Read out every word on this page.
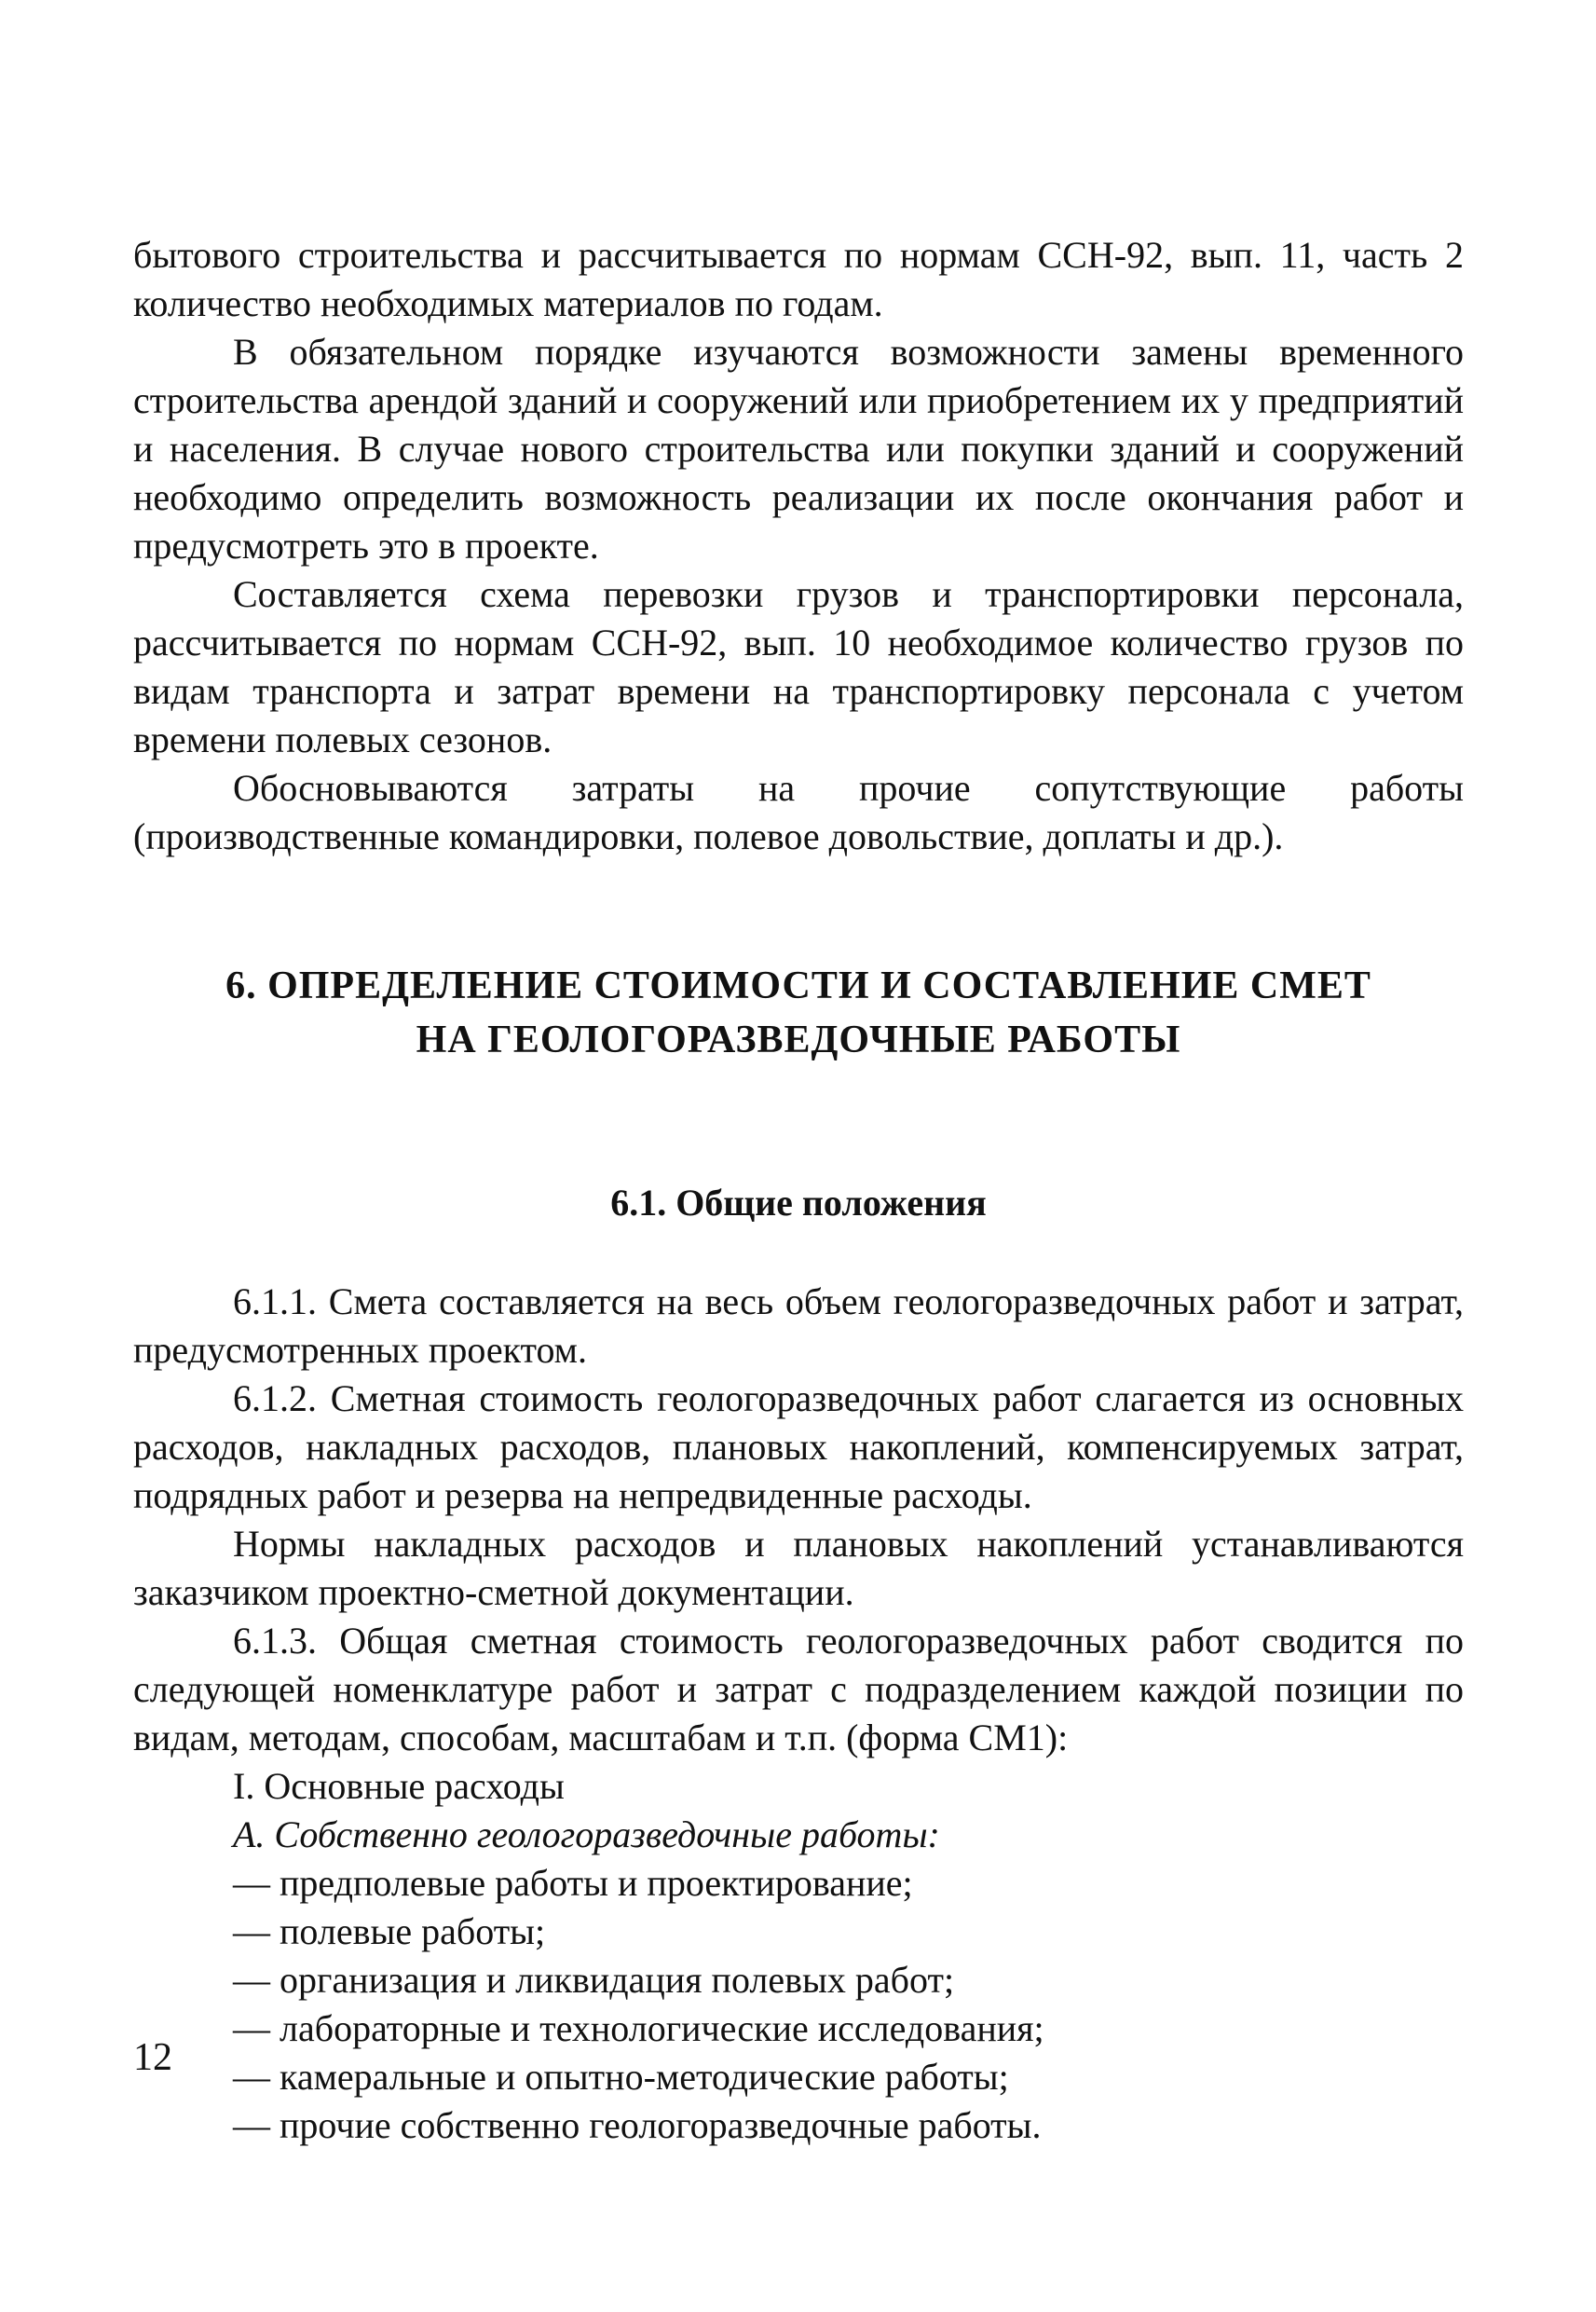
бытового строительства и рассчитывается по нормам ССН-92, вып. 11, часть 2 количество необходимых материалов по годам.

В обязательном порядке изучаются возможности замены временного строительства арендой зданий и сооружений или приобретением их у предприятий и населения. В случае нового строительства или покупки зданий и сооружений необходимо определить возможность реализации их после окончания работ и предусмотреть это в проекте.

Составляется схема перевозки грузов и транспортировки персонала, рассчитывается по нормам ССН-92, вып. 10 необходимое количество грузов по видам транспорта и затрат времени на транспортировку персонала с учетом времени полевых сезонов.

Обосновываются затраты на прочие сопутствующие работы (производственные командировки, полевое довольствие, доплаты и др.).

6. ОПРЕДЕЛЕНИЕ СТОИМОСТИ И СОСТАВЛЕНИЕ СМЕТ
НА ГЕОЛОГОРАЗВЕДОЧНЫЕ РАБОТЫ
6.1. Общие положения

6.1.1. Смета составляется на весь объем геологоразведочных работ и затрат, предусмотренных проектом.

6.1.2. Сметная стоимость геологоразведочных работ слагается из основных расходов, накладных расходов, плановых накоплений, компенсируемых затрат, подрядных работ и резерва на непредвиденные расходы.

Нормы накладных расходов и плановых накоплений устанавливаются заказчиком проектно-сметной документации.

6.1.3. Общая сметная стоимость геологоразведочных работ сводится по следующей номенклатуре работ и затрат с подразделением каждой позиции по видам, методам, способам, масштабам и т.п. (форма СМ1):

I. Основные расходы

А. Собственно геологоразведочные работы:

— предполевые работы и проектирование;

— полевые работы;

— организация и ликвидация полевых работ;

— лабораторные и технологические исследования;

— камеральные и опытно-методические работы;

— прочие собственно геологоразведочные работы.

12
